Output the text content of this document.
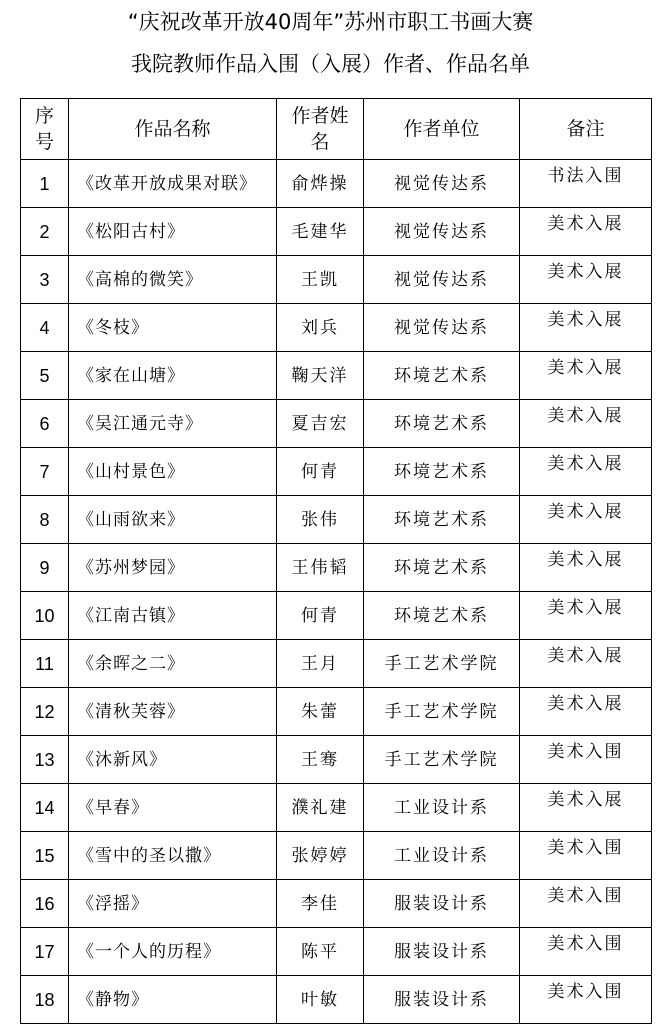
“庆祝改革开放40周年”苏州市职工书画大赛
我院教师作品入围（入展）作者、作品名单
序号	作品名称	作者姓名	作者单位	备注
1	《改革开放成果对联》	俞烨操	视觉传达系	书法入围
2	《松阳古村》	毛建华	视觉传达系	美术入展
3	《高棉的微笑》	王凯	视觉传达系	美术入展
4	《冬枝》	刘兵	视觉传达系	美术入展
5	《家在山塘》	鞠天洋	环境艺术系	美术入展
6	《吴江通元寺》	夏吉宏	环境艺术系	美术入展
7	《山村景色》	何青	环境艺术系	美术入展
8	《山雨欲来》	张伟	环境艺术系	美术入展
9	《苏州梦园》	王伟韬	环境艺术系	美术入展
10	《江南古镇》	何青	环境艺术系	美术入展
11	《余晖之二》	王月	手工艺术学院	美术入展
12	《清秋芙蓉》	朱蕾	手工艺术学院	美术入展
13	《沐新风》	王骞	手工艺术学院	美术入围
14	《早春》	濮礼建	工业设计系	美术入展
15	《雪中的圣以撒》	张婷婷	工业设计系	美术入围
16	《浮摇》	李佳	服装设计系	美术入围
17	《一个人的历程》	陈平	服装设计系	美术入围
18	《静物》	叶敏	服装设计系	美术入围
